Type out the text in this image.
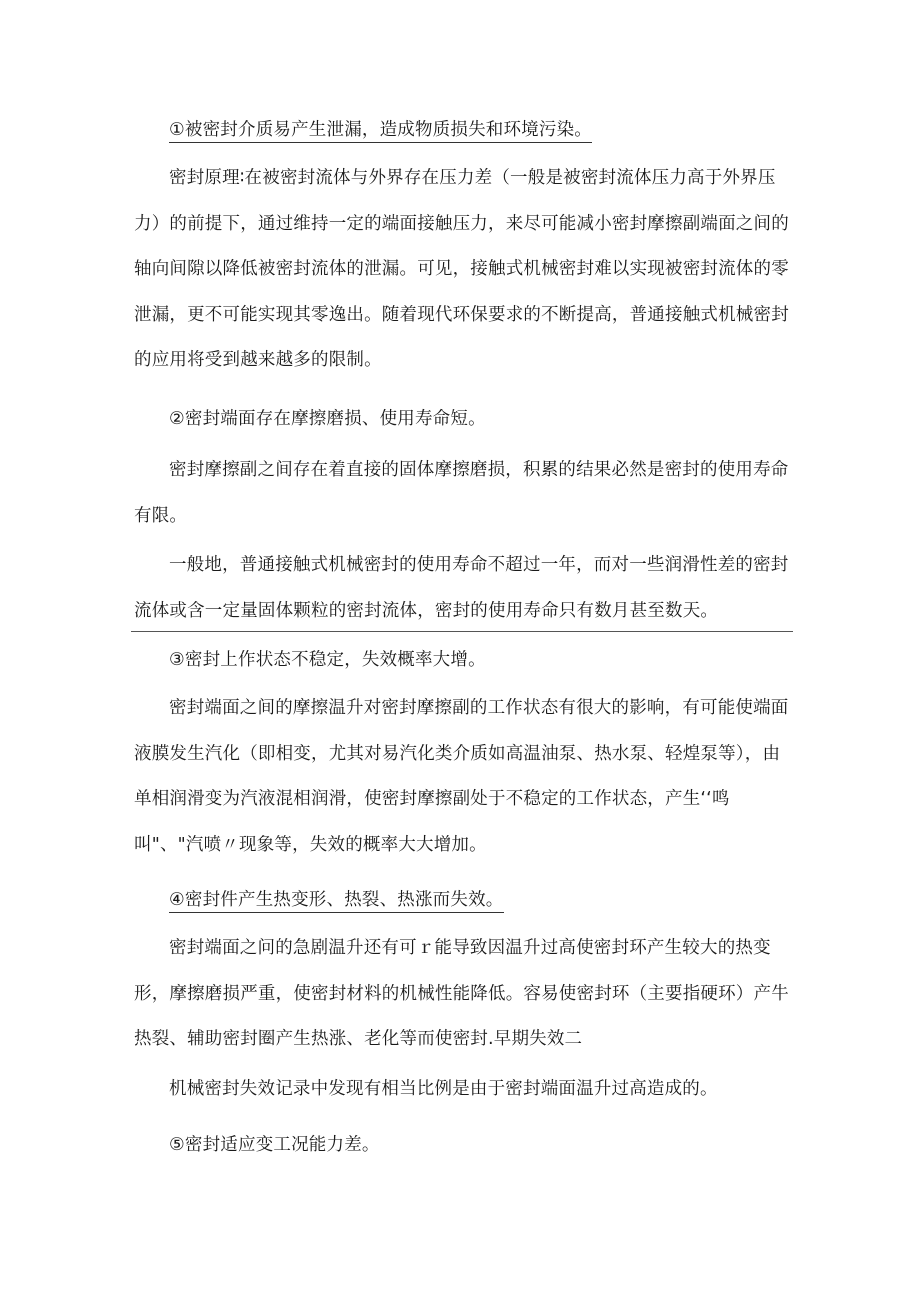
①被密封介质易产生泄漏，造成物质损失和环境污染。

密封原理∶在被密封流体与外界存在压力差（一般是被密封流体压力高于外界压力）的前提下，通过维持一定的端面接触压力，来尽可能减小密封摩擦副端面之间的轴向间隙以降低被密封流体的泄漏。可见，接触式机械密封难以实现被密封流体的零泄漏，更不可能实现其零逸出。随着现代环保要求的不断提高，普通接触式机械密封的应用将受到越来越多的限制。

②密封端面存在摩擦磨损、使用寿命短。

密封摩擦副之间存在着直接的固体摩擦磨损，积累的结果必然是密封的使用寿命有限。

一般地，普通接触式机械密封的使用寿命不超过一年，而对一些润滑性差的密封流体或含一定量固体颗粒的密封流体，密封的使用寿命只有数月甚至数天。

③密封上作状态不稳定，失效概率大增。

密封端面之间的摩擦温升对密封摩擦副的工作状态有很大的影响，有可能使端面液膜发生汽化（即相变，尤其对易汽化类介质如高温油泵、热水泵、轻煌泵等），由单相润滑变为汽液混相润滑，使密封摩擦副处于不稳定的工作状态，产生‘‘鸣叫"、"汽喷〃现象等，失效的概率大大增加。

④密封件产生热变形、热裂、热涨而失效。

密封端面之问的急剧温升还有可ｒ能导致因温升过高使密封环产生较大的热变形，摩擦磨损严重，使密封材料的机械性能降低。容易使密封环（主要指硬环）产牛热裂、辅助密封圈产生热涨、老化等而使密封.早期失效二

机械密封失效记录中发现有相当比例是由于密封端面温升过高造成的。

⑤密封适应变工况能力差。
